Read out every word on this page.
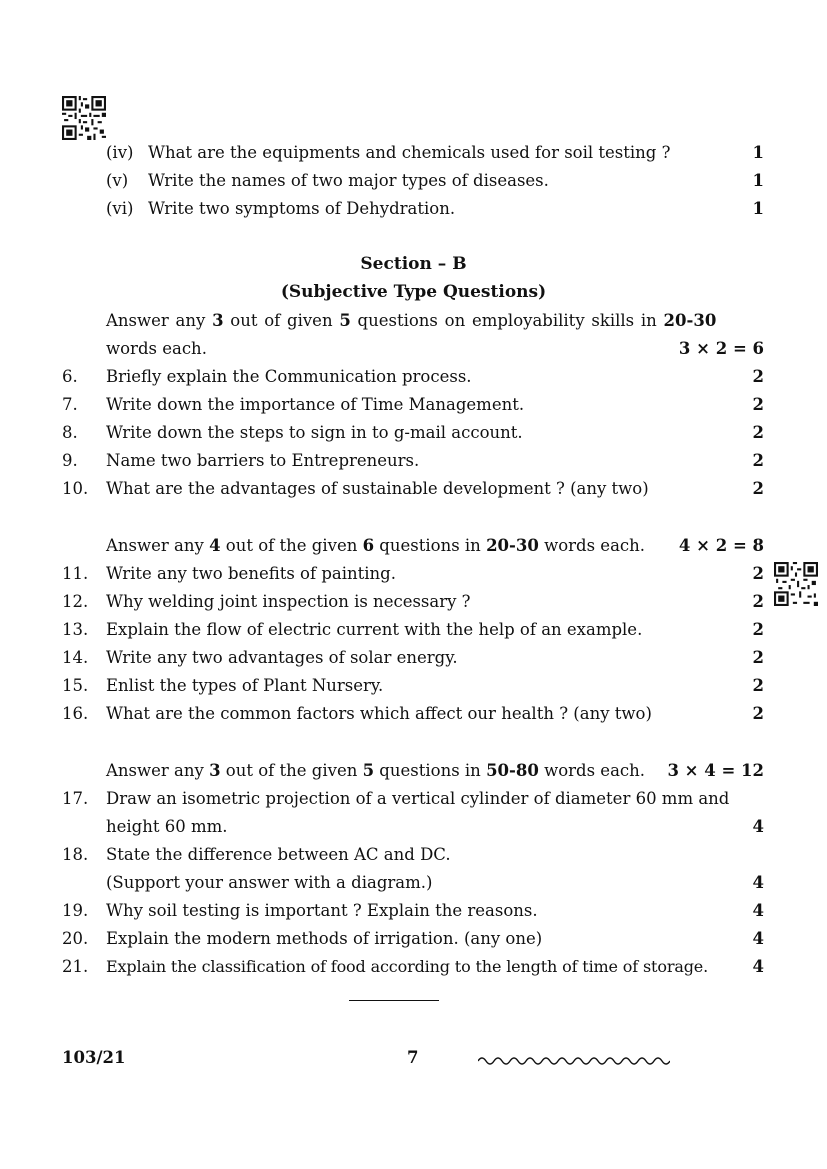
(iv) What are the equipments and chemicals used for soil testing ?	1
(v) Write the names of two major types of diseases.	1
(vi) Write two symptoms of Dehydration.	1
Section – B
(Subjective Type Questions)
Answer any 3 out of given 5 questions on employability skills in 20-30
words each.	3 × 2 = 6
6. Briefly explain the Communication process.	2
7. Write down the importance of Time Management.	2
8. Write down the steps to sign in to g-mail account.	2
9. Name two barriers to Entrepreneurs.	2
10. What are the advantages of sustainable development ? (any two)	2
Answer any 4 out of the given 6 questions in 20-30 words each. 4 × 2 = 8
11. Write any two benefits of painting.	2
12. Why welding joint inspection is necessary ?	2
13. Explain the flow of electric current with the help of an example.	2
14. Write any two advantages of solar energy.	2
15. Enlist the types of Plant Nursery.	2
16. What are the common factors which affect our health ? (any two)	2
Answer any 3 out of the given 5 questions in 50-80 words each. 3 × 4 = 12
17. Draw an isometric projection of a vertical cylinder of diameter 60 mm and
height 60 mm.	4
18. State the difference between AC and DC.
(Support your answer with a diagram.)	4
19. Why soil testing is important ? Explain the reasons.	4
20. Explain the modern methods of irrigation. (any one)	4
21. Explain the classification of food according to the length of time of storage.	4
103/21	7
